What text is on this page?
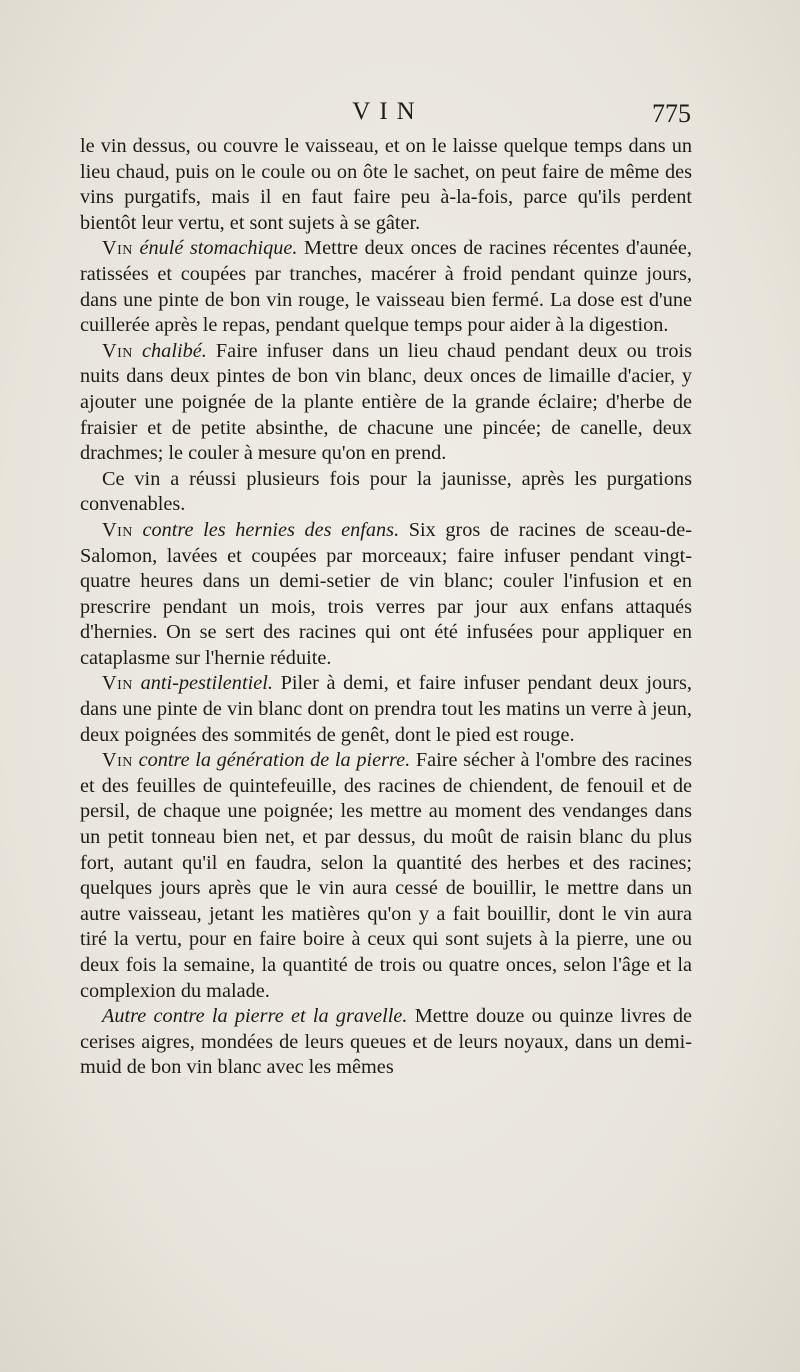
VIN	775

le vin dessus, ou couvre le vaisseau, et on le laisse quelque temps dans un lieu chaud, puis on le coule ou on ôte le sachet, on peut faire de même des vins purgatifs, mais il en faut faire peu à-la-fois, parce qu'ils perdent bientôt leur vertu, et sont sujets à se gâter.

Vin énulé stomachique. Mettre deux onces de racines récentes d'aunée, ratissées et coupées par tranches, macérer à froid pendant quinze jours, dans une pinte de bon vin rouge, le vaisseau bien fermé. La dose est d'une cuillerée après le repas, pendant quelque temps pour aider à la digestion.

Vin chalibé. Faire infuser dans un lieu chaud pendant deux ou trois nuits dans deux pintes de bon vin blanc, deux onces de limaille d'acier, y ajouter une poignée de la plante entière de la grande éclaire; d'herbe de fraisier et de petite absinthe, de chacune une pincée; de canelle, deux drachmes; le couler à mesure qu'on en prend.

Ce vin a réussi plusieurs fois pour la jaunisse, après les purgations convenables.

Vin contre les hernies des enfans. Six gros de racines de sceau-de-Salomon, lavées et coupées par morceaux; faire infuser pendant vingt-quatre heures dans un demi-setier de vin blanc; couler l'infusion et en prescrire pendant un mois, trois verres par jour aux enfans attaqués d'hernies. On se sert des racines qui ont été infusées pour appliquer en cataplasme sur l'hernie réduite.

Vin anti-pestilentiel. Piler à demi, et faire infuser pendant deux jours, dans une pinte de vin blanc dont on prendra tout les matins un verre à jeun, deux poignées des sommités de genêt, dont le pied est rouge.

Vin contre la génération de la pierre. Faire sécher à l'ombre des racines et des feuilles de quintefeuille, des racines de chiendent, de fenouil et de persil, de chaque une poignée; les mettre au moment des vendanges dans un petit tonneau bien net, et par dessus, du moût de raisin blanc du plus fort, autant qu'il en faudra, selon la quantité des herbes et des racines; quelques jours après que le vin aura cessé de bouillir, le mettre dans un autre vaisseau, jetant les matières qu'on y a fait bouillir, dont le vin aura tiré la vertu, pour en faire boire à ceux qui sont sujets à la pierre, une ou deux fois la semaine, la quantité de trois ou quatre onces, selon l'âge et la complexion du malade.

Autre contre la pierre et la gravelle. Mettre douze ou quinze livres de cerises aigres, mondées de leurs queues et de leurs noyaux, dans un demi-muid de bon vin blanc avec les mêmes
